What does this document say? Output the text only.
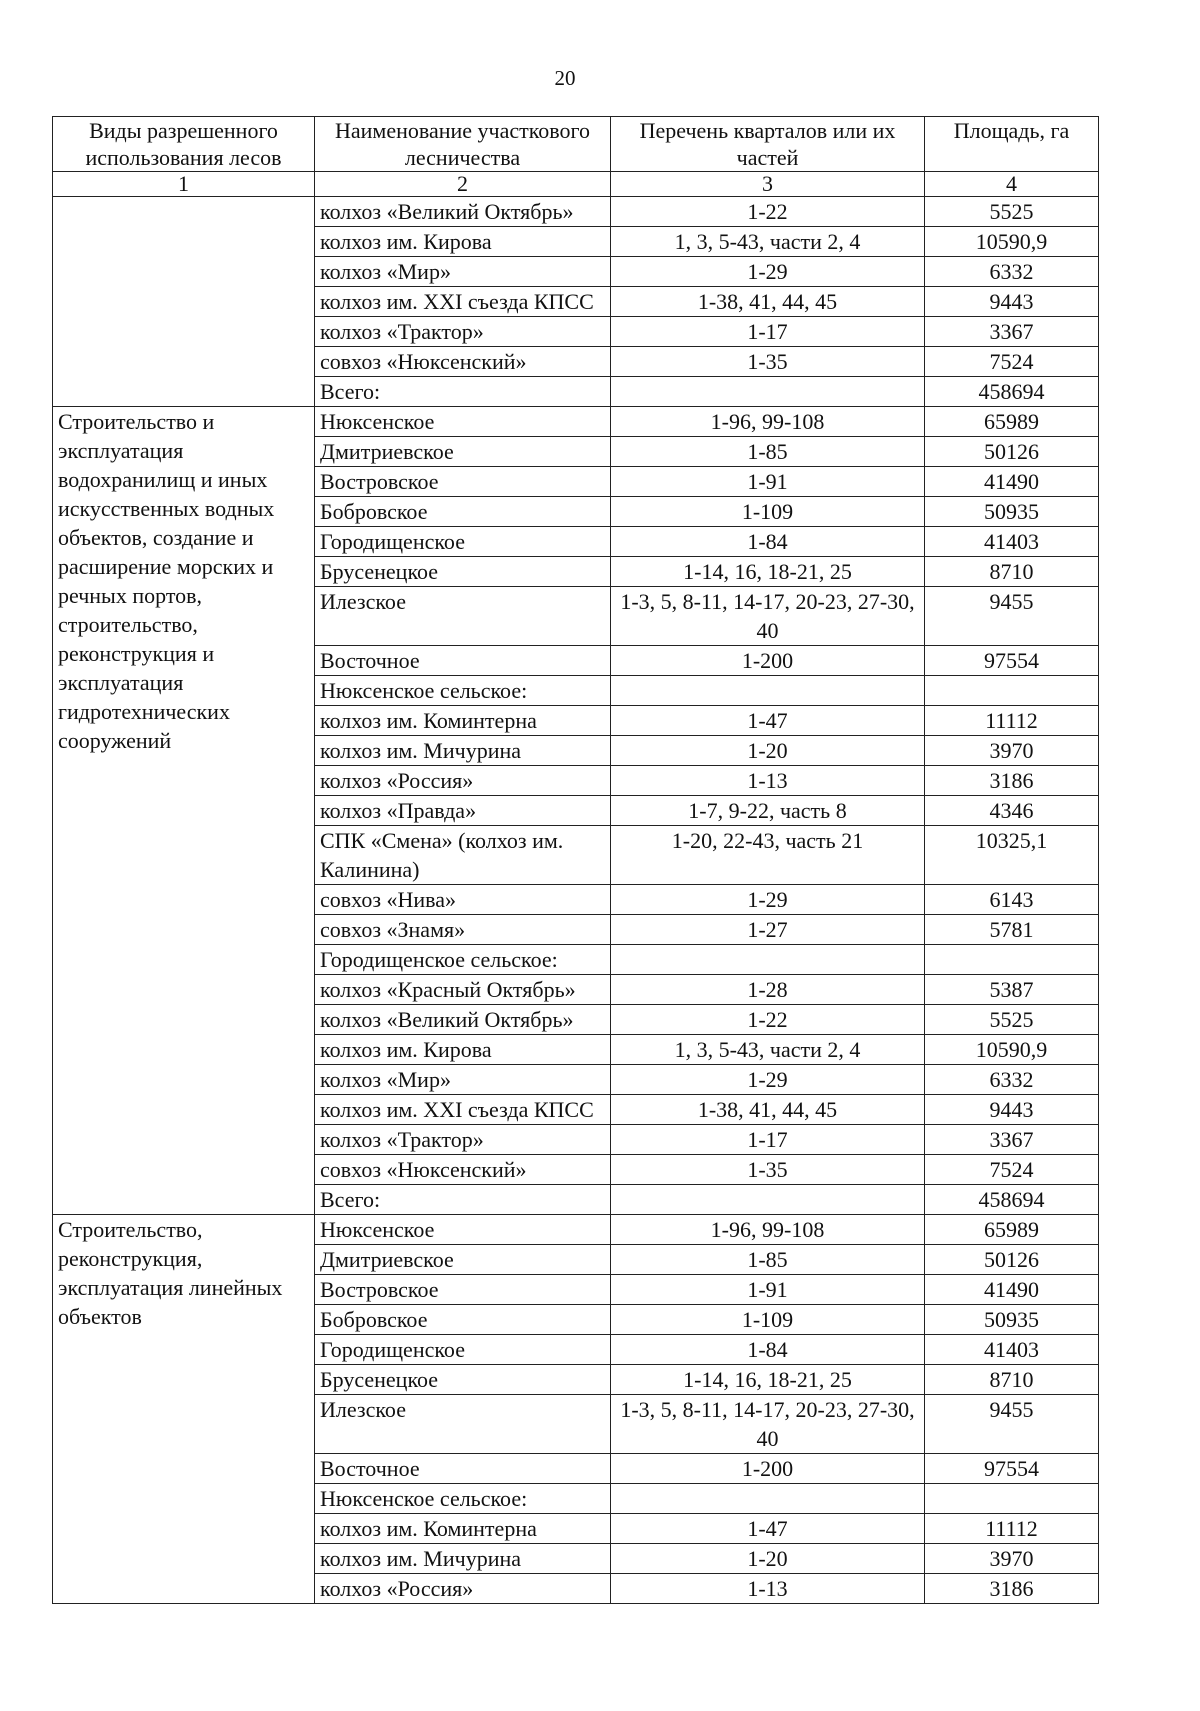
20
Виды разрешенного использования лесов	Наименование участкового лесничества	Перечень кварталов или их частей	Площадь, га
1	2	3	4
	колхоз «Великий Октябрь»	1-22	5525
	колхоз им. Кирова	1, 3, 5-43, части 2, 4	10590,9
	колхоз «Мир»	1-29	6332
	колхоз им. XXI съезда КПСС	1-38, 41, 44, 45	9443
	колхоз «Трактор»	1-17	3367
	совхоз «Нюксенский»	1-35	7524
	Всего:		458694
Строительство и эксплуатация водохранилищ и иных искусственных водных объектов, создание и расширение морских и речных портов, строительство, реконструкция и эксплуатация гидротехнических сооружений	Нюксенское	1-96, 99-108	65989
	Дмитриевское	1-85	50126
	Востровское	1-91	41490
	Бобровское	1-109	50935
	Городищенское	1-84	41403
	Брусенецкое	1-14, 16, 18-21, 25	8710
	Илезское	1-3, 5, 8-11, 14-17, 20-23, 27-30, 40	9455
	Восточное	1-200	97554
	Нюксенское сельское:		
	колхоз им. Коминтерна	1-47	11112
	колхоз им. Мичурина	1-20	3970
	колхоз «Россия»	1-13	3186
	колхоз «Правда»	1-7, 9-22, часть 8	4346
	СПК «Смена» (колхоз им. Калинина)	1-20, 22-43, часть 21	10325,1
	совхоз «Нива»	1-29	6143
	совхоз «Знамя»	1-27	5781
	Городищенское сельское:		
	колхоз «Красный Октябрь»	1-28	5387
	колхоз «Великий Октябрь»	1-22	5525
	колхоз им. Кирова	1, 3, 5-43, части 2, 4	10590,9
	колхоз «Мир»	1-29	6332
	колхоз им. XXI съезда КПСС	1-38, 41, 44, 45	9443
	колхоз «Трактор»	1-17	3367
	совхоз «Нюксенский»	1-35	7524
	Всего:		458694
Строительство, реконструкция, эксплуатация линейных объектов	Нюксенское	1-96, 99-108	65989
	Дмитриевское	1-85	50126
	Востровское	1-91	41490
	Бобровское	1-109	50935
	Городищенское	1-84	41403
	Брусенецкое	1-14, 16, 18-21, 25	8710
	Илезское	1-3, 5, 8-11, 14-17, 20-23, 27-30, 40	9455
	Восточное	1-200	97554
	Нюксенское сельское:		
	колхоз им. Коминтерна	1-47	11112
	колхоз им. Мичурина	1-20	3970
	колхоз «Россия»	1-13	3186
